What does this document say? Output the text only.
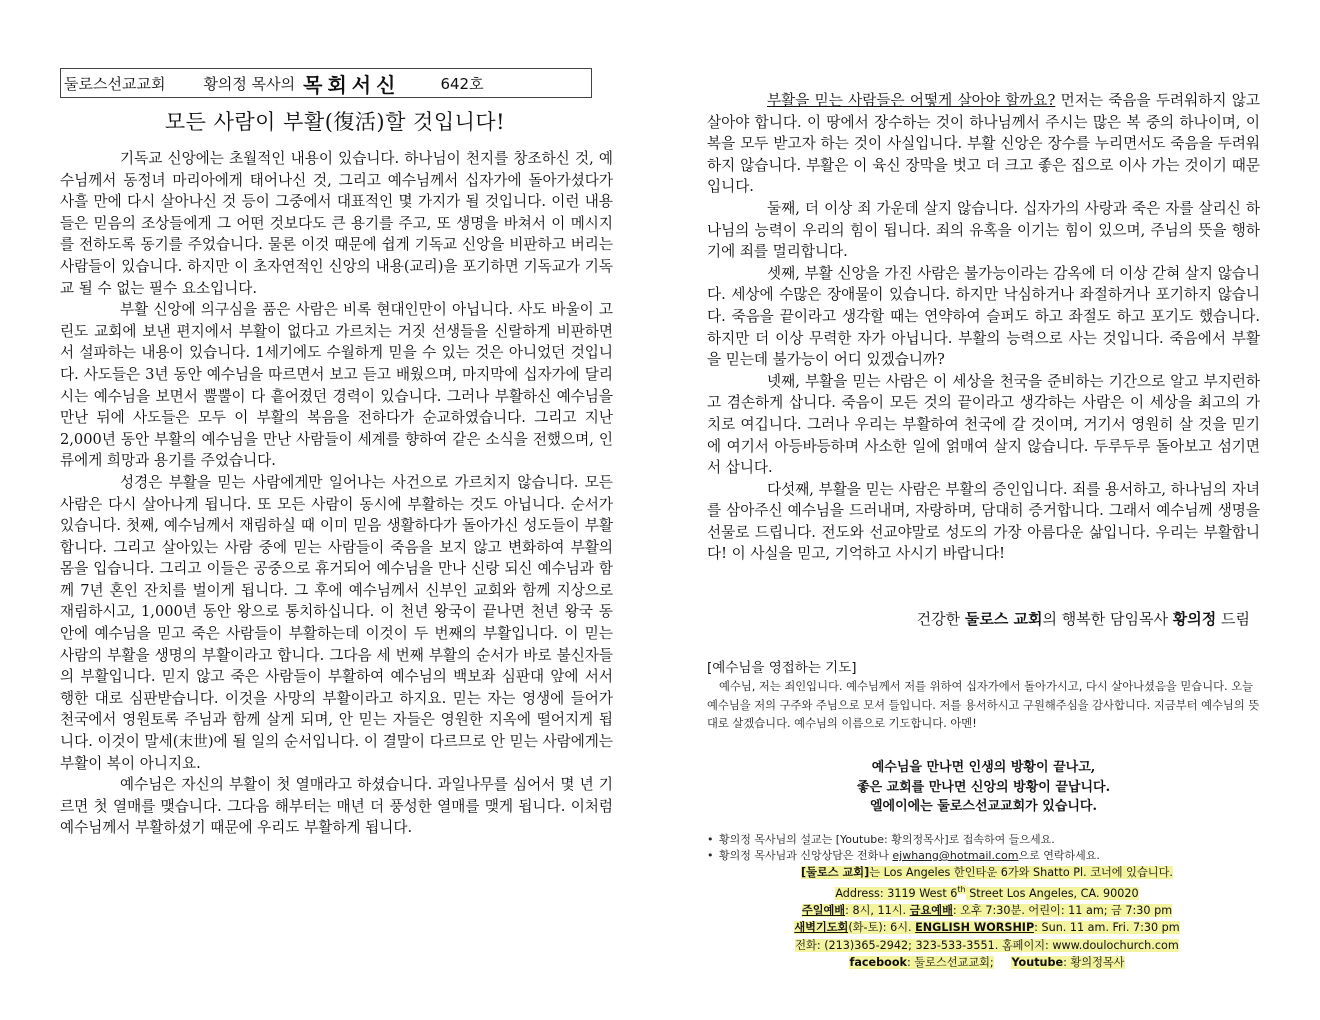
둘로스선교교회	황의정 목사의 목회서신	642호
모든 사람이 부활(復活)할 것입니다!

기독교 신앙에는 초월적인 내용이 있습니다. 하나님이 천지를 창조하신 것, 예수님께서 동정녀 마리아에게 태어나신 것, 그리고 예수님께서 십자가에 돌아가셨다가 사흘 만에 다시 살아나신 것 등이 그중에서 대표적인 몇 가지가 될 것입니다. 이런 내용들은 믿음의 조상들에게 그 어떤 것보다도 큰 용기를 주고, 또 생명을 바쳐서 이 메시지를 전하도록 동기를 주었습니다. 물론 이것 때문에 쉽게 기독교 신앙을 비판하고 버리는 사람들이 있습니다. 하지만 이 초자연적인 신앙의 내용(교리)을 포기하면 기독교가 기독교 될 수 없는 필수 요소입니다.

부활 신앙에 의구심을 품은 사람은 비록 현대인만이 아닙니다. 사도 바울이 고린도 교회에 보낸 편지에서 부활이 없다고 가르치는 거짓 선생들을 신랄하게 비판하면서 설파하는 내용이 있습니다. 1세기에도 수월하게 믿을 수 있는 것은 아니었던 것입니다. 사도들은 3년 동안 예수님을 따르면서 보고 듣고 배웠으며, 마지막에 십자가에 달리시는 예수님을 보면서 뿔뿔이 다 흩어졌던 경력이 있습니다. 그러나 부활하신 예수님을 만난 뒤에 사도들은 모두 이 부활의 복음을 전하다가 순교하였습니다. 그리고 지난 2,000년 동안 부활의 예수님을 만난 사람들이 세계를 향하여 같은 소식을 전했으며, 인류에게 희망과 용기를 주었습니다.

성경은 부활을 믿는 사람에게만 일어나는 사건으로 가르치지 않습니다. 모든 사람은 다시 살아나게 됩니다. 또 모든 사람이 동시에 부활하는 것도 아닙니다. 순서가 있습니다. 첫째, 예수님께서 재림하실 때 이미 믿음 생활하다가 돌아가신 성도들이 부활합니다. 그리고 살아있는 사람 중에 믿는 사람들이 죽음을 보지 않고 변화하여 부활의 몸을 입습니다. 그리고 이들은 공중으로 휴거되어 예수님을 만나 신랑 되신 예수님과 함께 7년 혼인 잔치를 벌이게 됩니다. 그 후에 예수님께서 신부인 교회와 함께 지상으로 재림하시고, 1,000년 동안 왕으로 통치하십니다. 이 천년 왕국이 끝나면 천년 왕국 동안에 예수님을 믿고 죽은 사람들이 부활하는데 이것이 두 번째의 부활입니다. 이 믿는 사람의 부활을 생명의 부활이라고 합니다. 그다음 세 번째 부활의 순서가 바로 불신자들의 부활입니다. 믿지 않고 죽은 사람들이 부활하여 예수님의 백보좌 심판대 앞에 서서 행한 대로 심판받습니다. 이것을 사망의 부활이라고 하지요. 믿는 자는 영생에 들어가 천국에서 영원토록 주님과 함께 살게 되며, 안 믿는 자들은 영원한 지옥에 떨어지게 됩니다. 이것이 말세(末世)에 될 일의 순서입니다. 이 결말이 다르므로 안 믿는 사람에게는 부활이 복이 아니지요.

예수님은 자신의 부활이 첫 열매라고 하셨습니다. 과일나무를 심어서 몇 년 기르면 첫 열매를 맺습니다. 그다음 해부터는 매년 더 풍성한 열매를 맺게 됩니다. 이처럼 예수님께서 부활하셨기 때문에 우리도 부활하게 됩니다.

부활을 믿는 사람들은 어떻게 살아야 할까요? 먼저는 죽음을 두려워하지 않고 살아야 합니다. 이 땅에서 장수하는 것이 하나님께서 주시는 많은 복 중의 하나이며, 이 복을 모두 받고자 하는 것이 사실입니다. 부활 신앙은 장수를 누리면서도 죽음을 두려워하지 않습니다. 부활은 이 육신 장막을 벗고 더 크고 좋은 집으로 이사 가는 것이기 때문입니다.

둘째, 더 이상 죄 가운데 살지 않습니다. 십자가의 사랑과 죽은 자를 살리신 하나님의 능력이 우리의 힘이 됩니다. 죄의 유혹을 이기는 힘이 있으며, 주님의 뜻을 행하기에 죄를 멀리합니다.

셋째, 부활 신앙을 가진 사람은 불가능이라는 감옥에 더 이상 갇혀 살지 않습니다. 세상에 수많은 장애물이 있습니다. 하지만 낙심하거나 좌절하거나 포기하지 않습니다. 죽음을 끝이라고 생각할 때는 연약하여 슬퍼도 하고 좌절도 하고 포기도 했습니다. 하지만 더 이상 무력한 자가 아닙니다. 부활의 능력으로 사는 것입니다. 죽음에서 부활을 믿는데 불가능이 어디 있겠습니까?

넷째, 부활을 믿는 사람은 이 세상을 천국을 준비하는 기간으로 알고 부지런하고 겸손하게 삽니다. 죽음이 모든 것의 끝이라고 생각하는 사람은 이 세상을 최고의 가치로 여깁니다. 그러나 우리는 부활하여 천국에 갈 것이며, 거기서 영원히 살 것을 믿기에 여기서 아등바등하며 사소한 일에 얽매여 살지 않습니다. 두루두루 돌아보고 섬기면서 삽니다.

다섯째, 부활을 믿는 사람은 부활의 증인입니다. 죄를 용서하고, 하나님의 자녀를 삼아주신 예수님을 드러내며, 자랑하며, 담대히 증거합니다. 그래서 예수님께 생명을 선물로 드립니다. 전도와 선교야말로 성도의 가장 아름다운 삶입니다. 우리는 부활합니다! 이 사실을 믿고, 기억하고 사시기 바랍니다!

건강한 둘로스 교회의 행복한 담임목사 황의정 드림
[예수님을 영접하는 기도]
예수님, 저는 죄인입니다. 예수님께서 저를 위하여 십자가에서 돌아가시고, 다시 살아나셨음을 믿습니다. 오늘 예수님을 저의 구주와 주님으로 모셔 들입니다. 저를 용서하시고 구원해주심을 감사합니다. 지금부터 예수님의 뜻대로 살겠습니다. 예수님의 이름으로 기도합니다. 아멘!
예수님을 만나면 인생의 방황이 끝나고,
좋은 교회를 만나면 신앙의 방황이 끝납니다.
엘에이에는 둘로스선교교회가 있습니다.
• 황의정 목사님의 설교는 [Youtube: 황의정목사]로 접속하여 들으세요.
• 황의정 목사님과 신앙상담은 전화나 ejwhang@hotmail.com으로 연락하세요.
[둘로스 교회]는 Los Angeles 한인타운 6가와 Shatto Pl. 코너에 있습니다.
Address: 3119 West 6th Street Los Angeles, CA. 90020
주일예배: 8시, 11시. 금요예배: 오후 7:30분. 어린이: 11 am; 금 7:30 pm
새벽기도회(화-토): 6시. ENGLISH WORSHIP: Sun. 11 am. Fri. 7:30 pm
전화: (213)365-2942; 323-533-3551. 홈페이지: www.doulochurch.com
facebook: 둘로스선교교회; Youtube: 황의정목사
